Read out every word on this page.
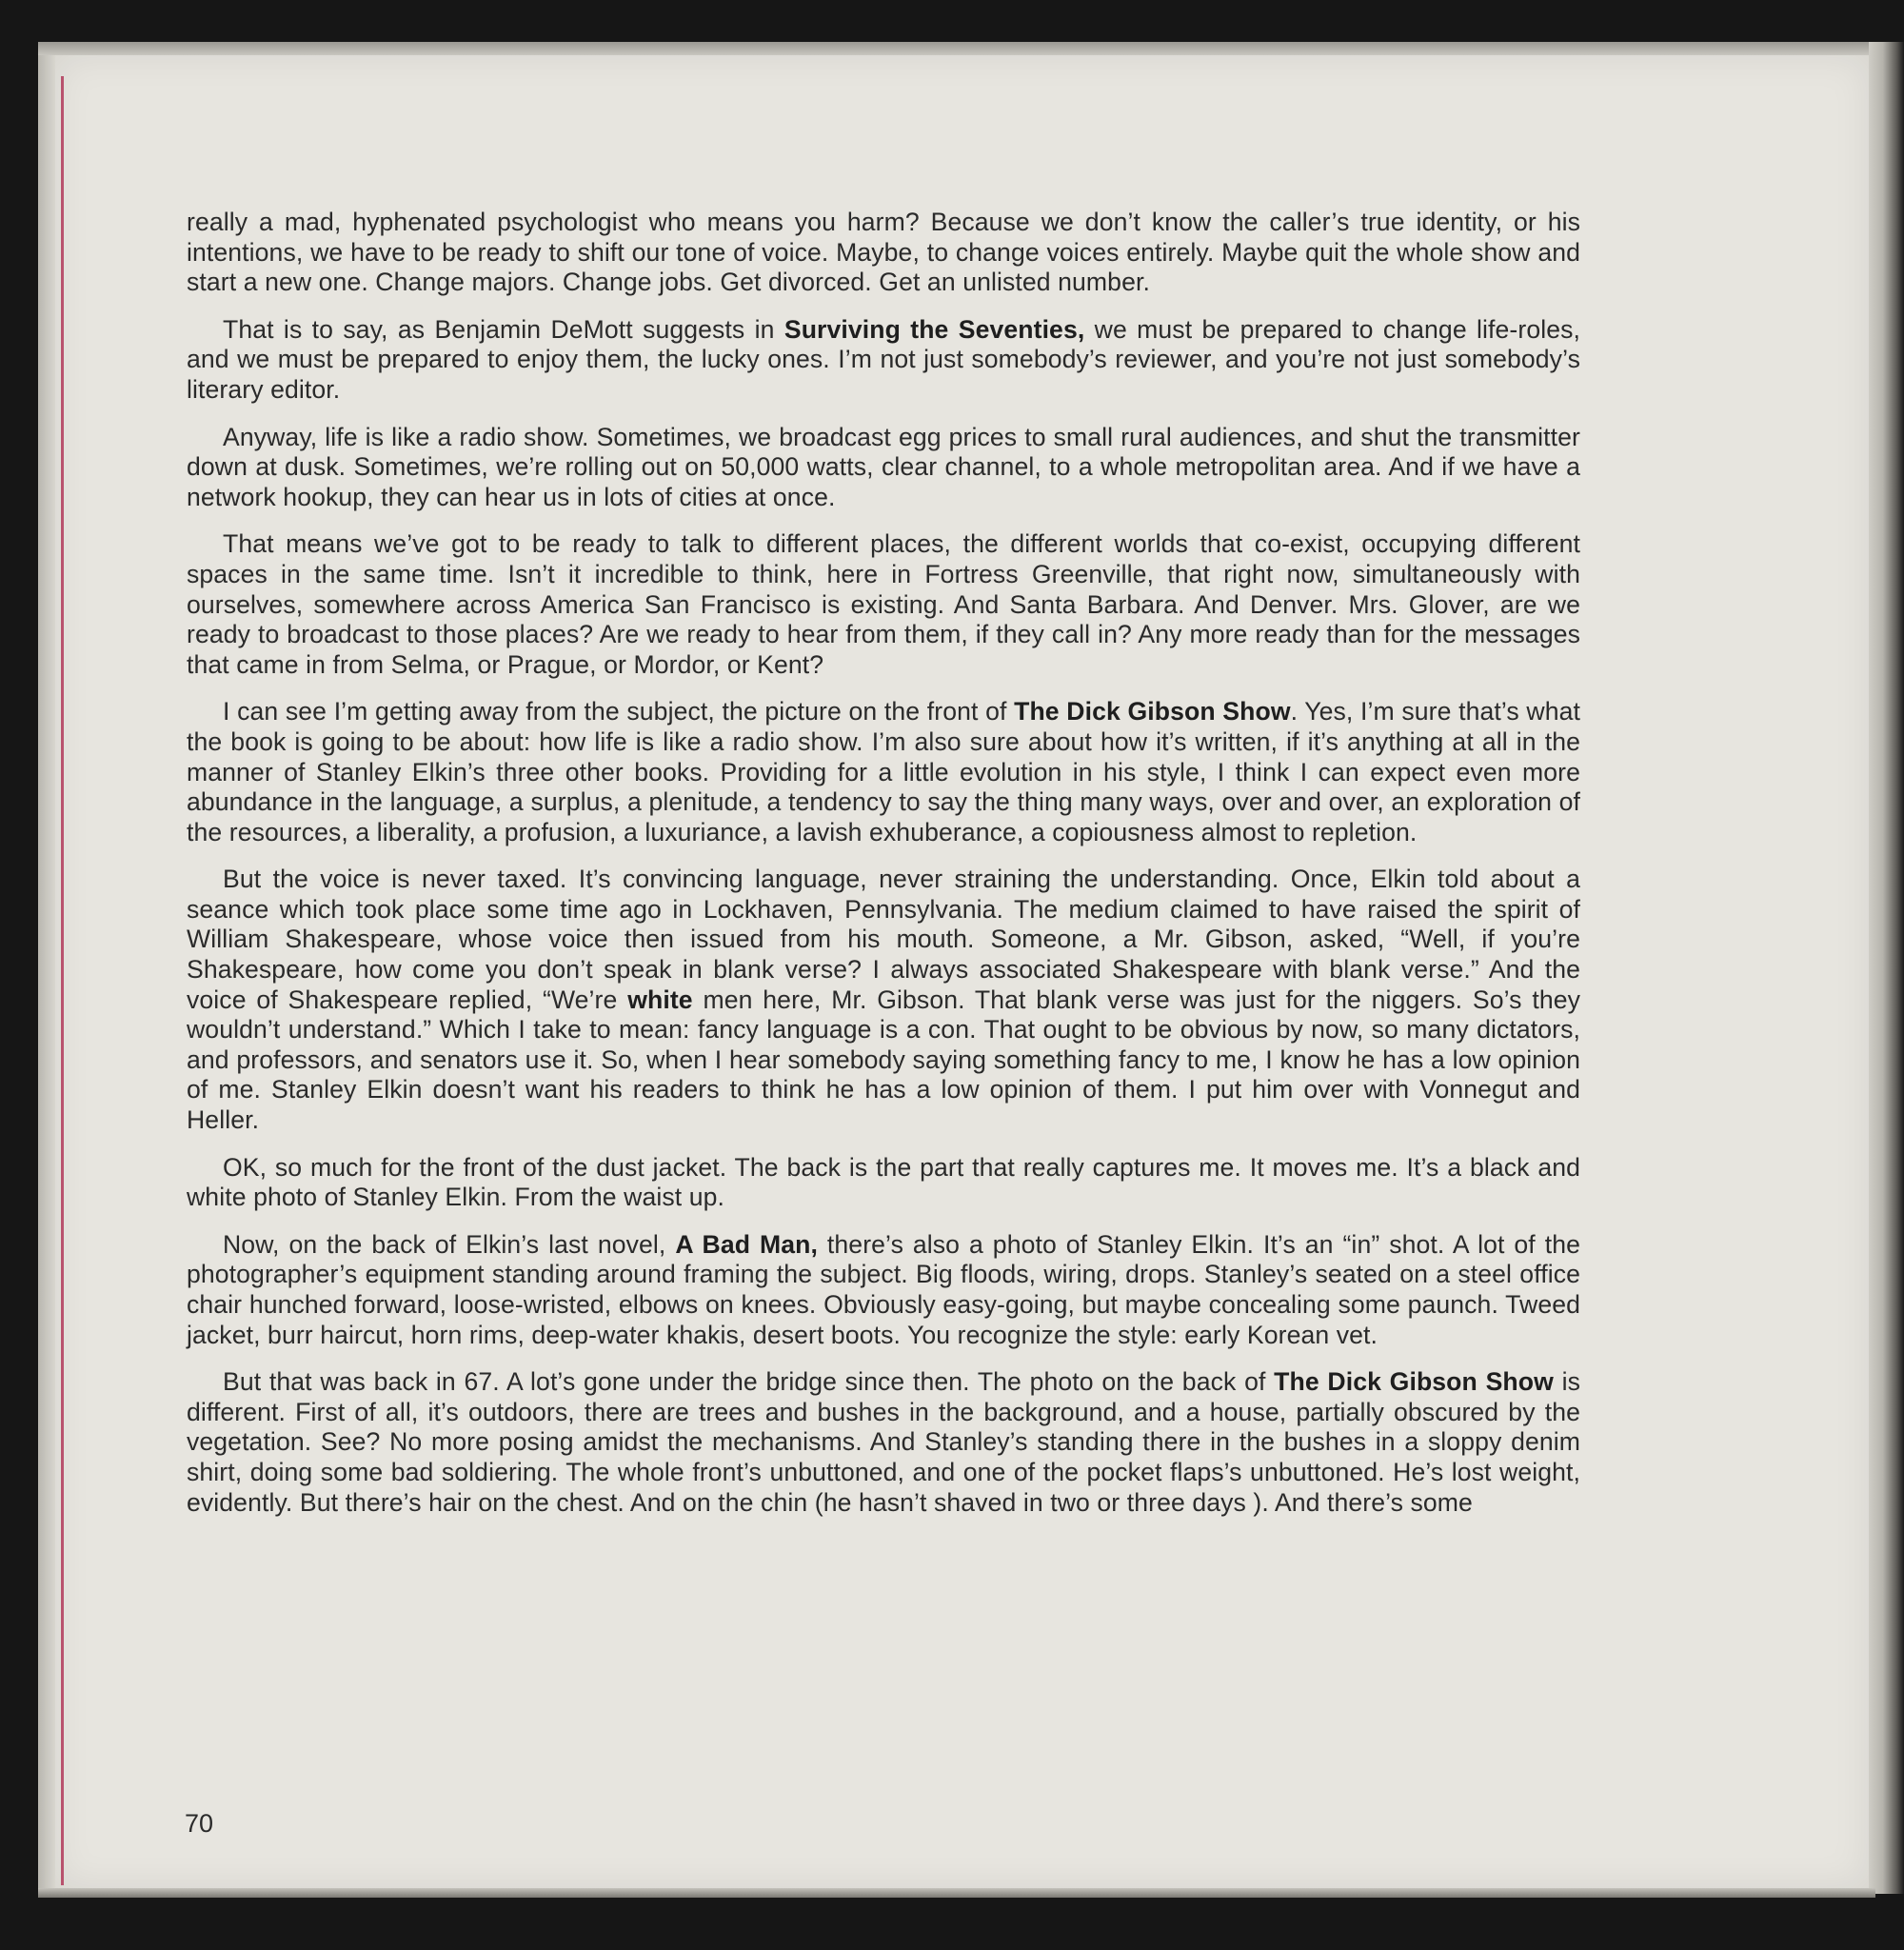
really a mad, hyphenated psychologist who means you harm? Because we don’t know the caller’s true identity, or his intentions, we have to be ready to shift our tone of voice. Maybe, to change voices entirely. Maybe quit the whole show and start a new one. Change majors. Change jobs. Get divorced. Get an unlisted number.

That is to say, as Benjamin DeMott suggests in Surviving the Seventies, we must be prepared to change life-roles, and we must be prepared to enjoy them, the lucky ones. I’m not just somebody’s reviewer, and you’re not just somebody’s literary editor.

Anyway, life is like a radio show. Sometimes, we broadcast egg prices to small rural audiences, and shut the transmitter down at dusk. Sometimes, we’re rolling out on 50,000 watts, clear channel, to a whole metropolitan area. And if we have a network hookup, they can hear us in lots of cities at once.

That means we’ve got to be ready to talk to different places, the different worlds that co-exist, occupying different spaces in the same time. Isn’t it incredible to think, here in Fortress Greenville, that right now, simultaneously with ourselves, somewhere across America San Francisco is existing. And Santa Barbara. And Denver. Mrs. Glover, are we ready to broadcast to those places? Are we ready to hear from them, if they call in? Any more ready than for the messages that came in from Selma, or Prague, or Mordor, or Kent?

I can see I’m getting away from the subject, the picture on the front of The Dick Gibson Show. Yes, I’m sure that’s what the book is going to be about: how life is like a radio show. I’m also sure about how it’s written, if it’s anything at all in the manner of Stanley Elkin’s three other books. Providing for a little evolution in his style, I think I can expect even more abundance in the language, a surplus, a plenitude, a tendency to say the thing many ways, over and over, an exploration of the resources, a liberality, a profusion, a luxuriance, a lavish exhuberance, a copiousness almost to repletion.

But the voice is never taxed. It’s convincing language, never straining the understanding. Once, Elkin told about a seance which took place some time ago in Lockhaven, Pennsylvania. The medium claimed to have raised the spirit of William Shakespeare, whose voice then issued from his mouth. Someone, a Mr. Gibson, asked, “Well, if you’re Shakespeare, how come you don’t speak in blank verse? I always associated Shakespeare with blank verse.” And the voice of Shakespeare replied, “We’re white men here, Mr. Gibson. That blank verse was just for the niggers. So’s they wouldn’t understand.” Which I take to mean: fancy language is a con. That ought to be obvious by now, so many dictators, and professors, and senators use it. So, when I hear somebody saying something fancy to me, I know he has a low opinion of me. Stanley Elkin doesn’t want his readers to think he has a low opinion of them. I put him over with Vonnegut and Heller.

OK, so much for the front of the dust jacket. The back is the part that really captures me. It moves me. It’s a black and white photo of Stanley Elkin. From the waist up.

Now, on the back of Elkin’s last novel, A Bad Man, there’s also a photo of Stanley Elkin. It’s an “in” shot. A lot of the photographer’s equipment standing around framing the subject. Big floods, wiring, drops. Stanley’s seated on a steel office chair hunched forward, loose-wristed, elbows on knees. Obviously easy-going, but maybe concealing some paunch. Tweed jacket, burr haircut, horn rims, deep-water khakis, desert boots. You recognize the style: early Korean vet.

But that was back in 67. A lot’s gone under the bridge since then. The photo on the back of The Dick Gibson Show is different. First of all, it’s outdoors, there are trees and bushes in the background, and a house, partially obscured by the vegetation. See? No more posing amidst the mechanisms. And Stanley’s standing there in the bushes in a sloppy denim shirt, doing some bad soldiering. The whole front’s unbuttoned, and one of the pocket flaps’s unbuttoned. He’s lost weight, evidently. But there’s hair on the chest. And on the chin (he hasn’t shaved in two or three days ). And there’s some

70
